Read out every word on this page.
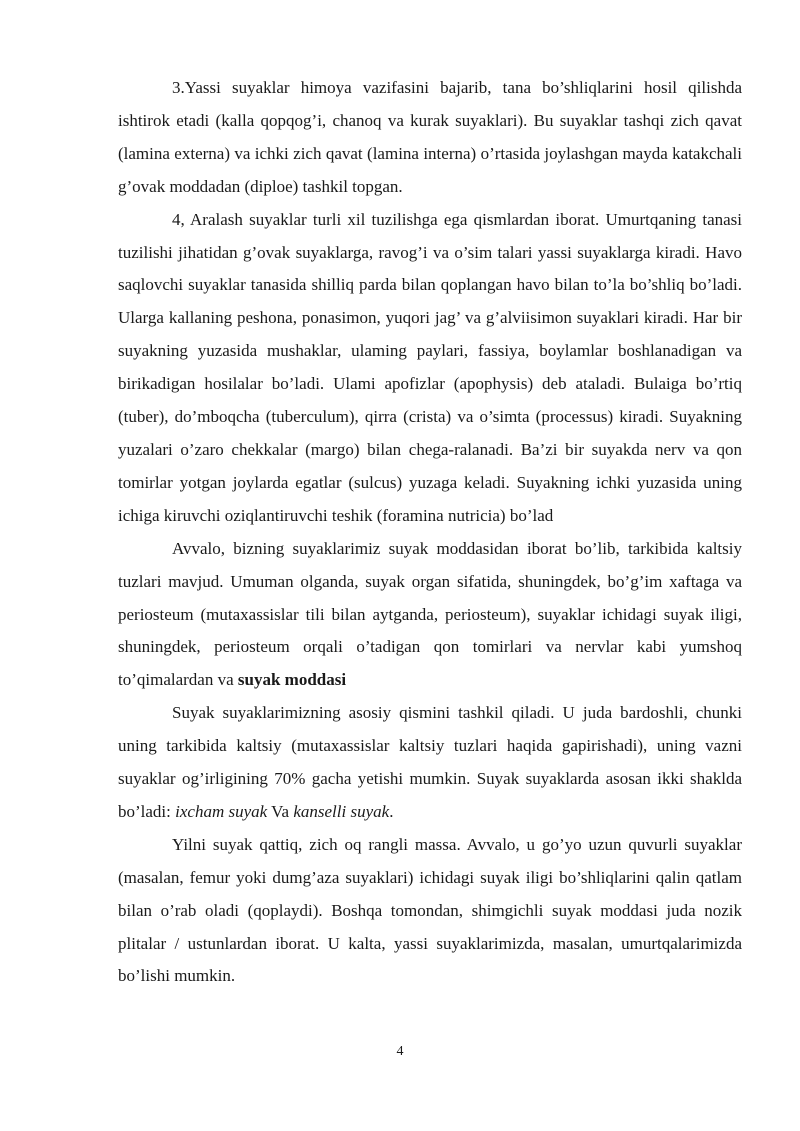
3.Yassi suyaklar himoya vazifasini bajarib, tana bo’shliqlarini hosil qilishda ishtirok etadi (kalla qopqog’i, chanoq va kurak suyaklari). Bu suyaklar tashqi zich qavat (lamina externa) va ichki zich qavat (lamina interna) o’rtasida joylashgan mayda katakchali g’ovak moddadan (diploe) tashkil topgan.

4, Aralash suyaklar turli xil tuzilishga ega qismlardan iborat. Umurtqaning tanasi tuzilishi jihatidan g’ovak suyaklarga, ravog’i va o’sim talari yassi suyaklarga kiradi. Havo saqlovchi suyaklar tanasida shilliq parda bilan qoplangan havo bilan to’la bo’shliq bo’ladi. Ularga kallaning peshona, ponasimon, yuqori jag’ va g’alviisimon suyaklari kiradi. Har bir suyakning yuzasida mushaklar, ulaming paylari, fassiya, boylamlar boshlanadigan va birikadigan hosilalar bo’ladi. Ulami apofizlar (apophysis) deb ataladi. Bulaiga bo’rtiq (tuber), do’mboqcha (tuberculum), qirra (crista) va o’simta (processus) kiradi. Suyakning yuzalari o’zaro chekkalar (margo) bilan chega-ralanadi. Ba’zi bir suyakda nerv va qon tomirlar yotgan joylarda egatlar (sulcus) yuzaga keladi. Suyakning ichki yuzasida uning ichiga kiruvchi oziqlantiruvchi teshik (foramina nutricia) bo’lad

Avvalo, bizning suyaklarimiz suyak moddasidan iborat bo’lib, tarkibida kaltsiy tuzlari mavjud. Umuman olganda, suyak organ sifatida, shuningdek, bo’g’im xaftaga va periosteum (mutaxassislar tili bilan aytganda, periosteum), suyaklar ichidagi suyak iligi, shuningdek, periosteum orqali o’tadigan qon tomirlari va nervlar kabi yumshoq to’qimalardan va suyak moddasi

Suyak suyaklarimizning asosiy qismini tashkil qiladi. U juda bardoshli, chunki uning tarkibida kaltsiy (mutaxassislar kaltsiy tuzlari haqida gapirishadi), uning vazni suyaklar og’irligining 70% gacha yetishi mumkin. Suyak suyaklarda asosan ikki shaklda bo’ladi: ixcham suyak Va kanselli suyak.

Yilni suyak qattiq, zich oq rangli massa. Avvalo, u go’yo uzun quvurli suyaklar (masalan, femur yoki dumg’aza suyaklari) ichidagi suyak iligi bo’shliqlarini qalin qatlam bilan o’rab oladi (qoplaydi). Boshqa tomondan, shimgichli suyak moddasi juda nozik plitalar / ustunlardan iborat. U kalta, yassi suyaklarimizda, masalan, umurtqalarimizda bo’lishi mumkin.

4
